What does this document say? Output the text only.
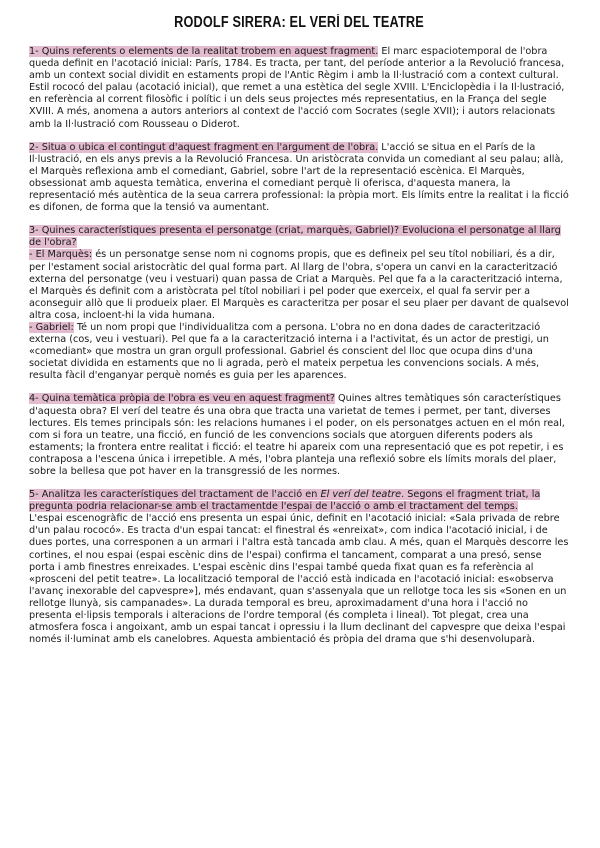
RODOLF SIRERA: EL VERÍ DEL TEATRE

1- Quins referents o elements de la realitat trobem en aquest fragment. El marc espaciotemporal de l'obra queda definit en l'acotació inicial: París, 1784. Es tracta, per tant, del període anterior a la Revolució francesa, amb un context social dividit en estaments propi de l'Antic Règim i amb la Il·lustració com a context cultural. Estil rococó del palau (acotació inicial), que remet a una estètica del segle XVIII. L'Enciclopèdia i la Il·lustració, en referència al corrent filosòfic i polític i un dels seus projectes més representatius, en la França del segle XVIII. A més, anomena a autors anteriors al context de l'acció com Socrates (segle XVII); i autors relacionats amb la Il·lustració com Rousseau o Diderot.

2- Situa o ubica el contingut d'aquest fragment en l'argument de l'obra. L'acció se situa en el París de la Il·lustració, en els anys previs a la Revolució Francesa. Un aristòcrata convida un comediant al seu palau; allà, el Marquès reflexiona amb el comediant, Gabriel, sobre l'art de la representació escènica. El Marquès, obsessionat amb aquesta temàtica, enverina el comediant perquè li oferisca, d'aquesta manera, la representació més autèntica de la seua carrera professional: la pròpia mort. Els límits entre la realitat i la ficció es difonen, de forma que la tensió va aumentant.

3- Quines característiques presenta el personatge (criat, marquès, Gabriel)? Evoluciona el personatge al llarg de l'obra?

- El Marquès: és un personatge sense nom ni cognoms propis, que es defineix pel seu títol nobiliari, és a dir, per l'estament social aristocràtic del qual forma part. Al llarg de l'obra, s'opera un canvi en la caracterització externa del personatge (veu i vestuari) quan passa de Criat a Marquès. Pel que fa a la caracterització interna, el Marquès és definit com a aristòcrata pel títol nobiliari i pel poder que exerceix, el qual fa servir per a aconseguir allò que li produeix plaer. El Marquès es caracteritza per posar el seu plaer per davant de qualsevol altra cosa, incloent-hi la vida humana.

- Gabriel: Té un nom propi que l'individualitza com a persona. L'obra no en dona dades de caracterització externa (cos, veu i vestuari). Pel que fa a la caracterització interna i a l'activitat, és un actor de prestigi, un «comediant» que mostra un gran orgull professional. Gabriel és conscient del lloc que ocupa dins d'una societat dividida en estaments que no li agrada, però el mateix perpetua les convencions socials. A més, resulta fàcil d'enganyar perquè només es guia per les aparences.

4- Quina temàtica pròpia de l'obra es veu en aquest fragment? Quines altres temàtiques són característiques d'aquesta obra? El verí del teatre és una obra que tracta una varietat de temes i permet, per tant, diverses lectures. Els temes principals són: les relacions humanes i el poder, on els personatges actuen en el món real, com si fora un teatre, una ficció, en funció de les convencions socials que atorguen diferents poders als estaments; la frontera entre realitat i ficció: el teatre hi apareix com una representació que es pot repetir, i es contraposa a l'escena única i irrepetible. A més, l'obra planteja una reflexió sobre els límits morals del plaer, sobre la bellesa que pot haver en la transgressió de les normes.

5- Analitza les característiques del tractament de l'acció en El verí del teatre. Segons el fragment triat, la pregunta podria relacionar-se amb el tractamentde l'espai de l'acció o amb el tractament del temps.

L'espai escenogràfic de l'acció ens presenta un espai únic, definit en l'acotació inicial: «Sala privada de rebre d'un palau rococó». Es tracta d'un espai tancat: el finestral és «enreixat», com indica l'acotació inicial, i de dues portes, una corresponen a un armari i l'altra està tancada amb clau. A més, quan el Marquès descorre les cortines, el nou espai (espai escènic dins de l'espai) confirma el tancament, comparat a una presó, sense porta i amb finestres enreixades. L'espai escènic dins l'espai també queda fixat quan es fa referència al «prosceni del petit teatre». La localització temporal de l'acció està indicada en l'acotació inicial: es«observa l'avanç inexorable del capvespre»], més endavant, quan s'assenyala que un rellotge toca les sis «Sonen en un rellotge llunyà, sis campanades». La durada temporal es breu, aproximadament d'una hora i l'acció no presenta el·lipsis temporals i alteracions de l'ordre temporal (és completa i lineal). Tot plegat, crea una atmosfera fosca i angoixant, amb un espai tancat i opressiu i la llum declinant del capvespre que deixa l'espai només il·luminat amb els canelobres. Aquesta ambientació és pròpia del drama que s'hi desenvoluparà.
